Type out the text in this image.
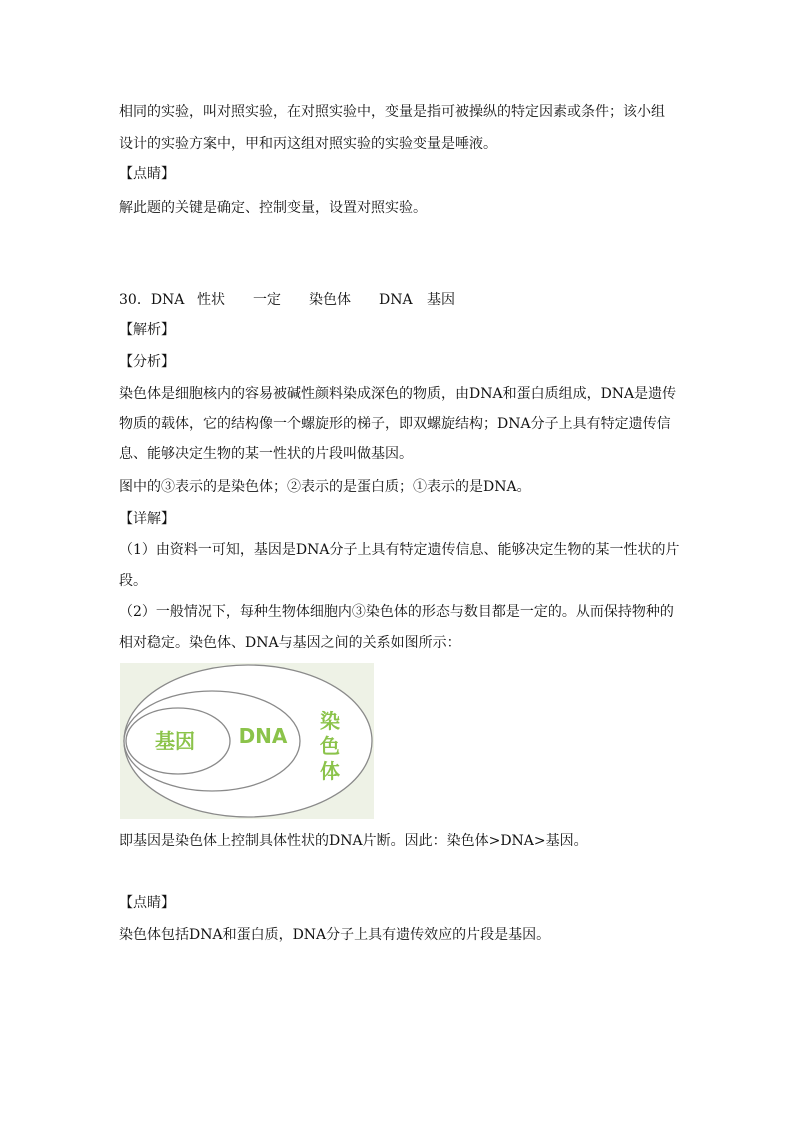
相同的实验，叫对照实验，在对照实验中，变量是指可被操纵的特定因素或条件；该小组

设计的实验方案中，甲和丙这组对照实验的实验变量是唾液。

【点睛】

解此题的关键是确定、控制变量，设置对照实验。

30．DNA 性状 一定 染色体 DNA 基因

【解析】

【分析】

染色体是细胞核内的容易被碱性颜料染成深色的物质，由DNA和蛋白质组成，DNA是遗传

物质的载体，它的结构像一个螺旋形的梯子，即双螺旋结构；DNA分子上具有特定遗传信

息、能够决定生物的某一性状的片段叫做基因。

图中的③表示的是染色体；②表示的是蛋白质；①表示的是DNA。

【详解】

（1）由资料一可知，基因是DNA分子上具有特定遗传信息、能够决定生物的某一性状的片

段。

（2）一般情况下，每种生物体细胞内③染色体的形态与数目都是一定的。从而保持物种的

相对稳定。染色体、DNA与基因之间的关系如图所示：

基因 DNA
染
色
体

即基因是染色体上控制具体性状的DNA片断。因此：染色体>DNA>基因。

【点睛】

染色体包括DNA和蛋白质，DNA分子上具有遗传效应的片段是基因。
